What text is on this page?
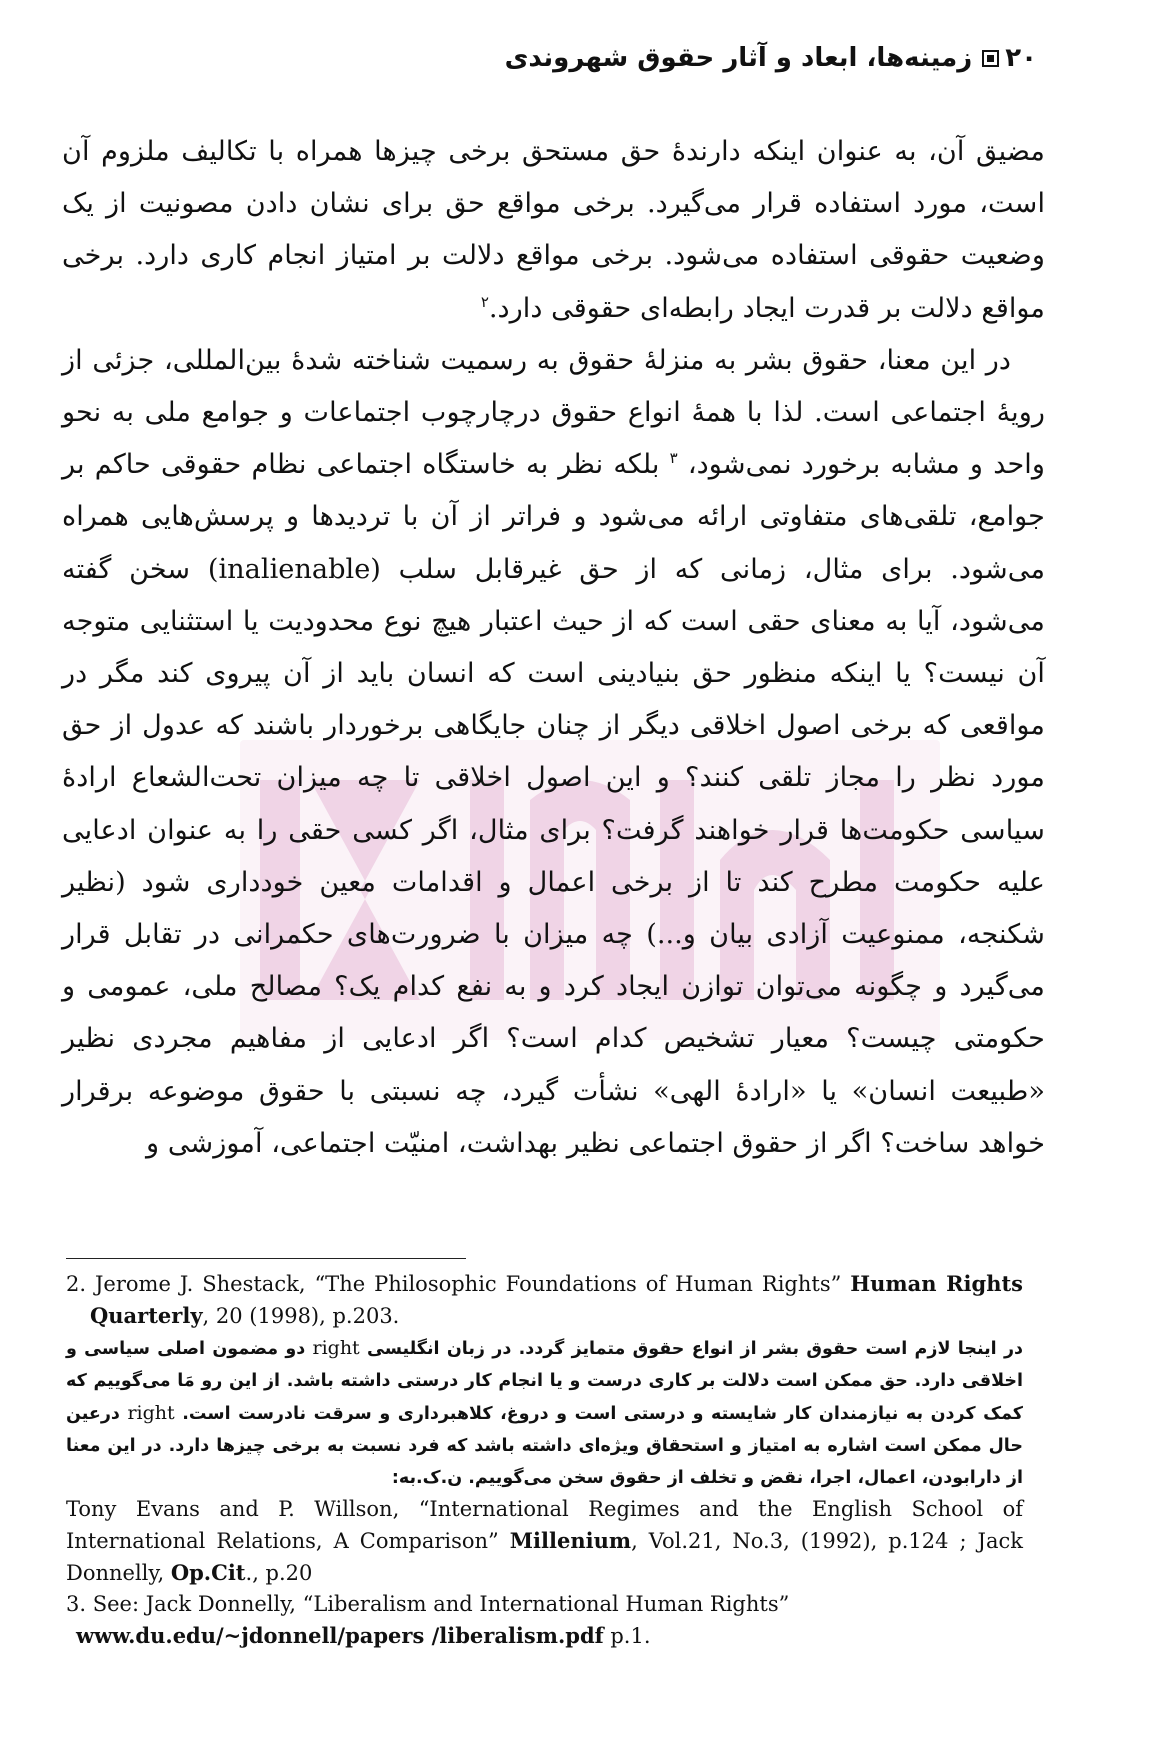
۲۰زمینه‌ها، ابعاد و آثار حقوق شهروندی

مضیق آن، به عنوان اینکه دارندهٔ حق مستحق برخی چیزها همراه با تکالیف ملزوم آن است، مورد استفاده قرار می‌گیرد. برخی مواقع حق برای نشان دادن مصونیت از یک وضعیت حقوقی استفاده می‌شود. برخی مواقع دلالت بر امتیاز انجام کاری دارد. برخی مواقع دلالت بر قدرت ایجاد رابطه‌ای حقوقی دارد.$^۲$

در این معنا، حقوق بشر به منزلهٔ حقوق به رسمیت شناخته شدهٔ بین‌المللی، جزئی از رویهٔ اجتماعی است. لذا با همهٔ انواع حقوق درچارچوب اجتماعات و جوامع ملی به نحو واحد و مشابه برخورد نمی‌شود، $^۳$ بلکه نظر به خاستگاه اجتماعی نظام حقوقی حاکم بر جوامع، تلقی‌های متفاوتی ارائه می‌شود و فراتر از آن با تردیدها و پرسش‌هایی همراه می‌شود. برای مثال، زمانی که از حق غیرقابل سلب (inalienable) سخن گفته می‌شود، آیا به معنای حقی است که از حیث اعتبار هیچ نوع محدودیت یا استثنایی متوجه آن نیست؟ یا اینکه منظور حق بنیادینی است که انسان باید از آن پیروی کند مگر در مواقعی که برخی اصول اخلاقی دیگر از چنان جایگاهی برخوردار باشند که عدول از حق مورد نظر را مجاز تلقی کنند؟ و این اصول اخلاقی تا چه میزان تحت‌الشعاع ارادهٔ سیاسی حکومت‌ها قرار خواهند گرفت؟ برای مثال، اگر کسی حقی را به عنوان ادعایی علیه حکومت مطرح کند تا از برخی اعمال و اقدامات معین خودداری شود (نظیر شکنجه، ممنوعیت آزادی بیان و...) چه میزان با ضرورت‌های حکمرانی در تقابل قرار می‌گیرد و چگونه می‌توان توازن ایجاد کرد و به نفع کدام یک؟ مصالح ملی، عمومی و حکومتی چیست؟ معیار تشخیص کدام است؟ اگر ادعایی از مفاهیم مجردی نظیر «طبیعت انسان» یا «ارادهٔ الهی» نشأت گیرد، چه نسبتی با حقوق موضوعه برقرار خواهد ساخت؟ اگر از حقوق اجتماعی نظیر بهداشت، امنیّت اجتماعی، آموزشی و

2. Jerome J. Shestack, “The Philosophic Foundations of Human Rights” Human Rights Quarterly, 20 (1998), p.203.

در اینجا لازم است حقوق بشر از انواع حقوق متمایز گردد. در زبان انگلیسی right دو مضمون اصلی سیاسی و اخلاقی دارد. حق ممکن است دلالت بر کاری درست و یا انجام کار درستی داشته باشد. از این رو مَا می‌گوییم که کمک کردن به نیازمندان کار شایسته و درستی است و دروغ، کلاهبرداری و سرقت نادرست است. right درعین حال ممکن است اشاره به امتیاز و استحقاق ویژه‌ای داشته باشد که فرد نسبت به برخی چیزها دارد. در این معنا از دارابودن، اعمال، اجرا، نقض و تخلف از حقوق سخن می‌گوییم. ن.ک.به:

Tony Evans and P. Willson, “International Regimes and the English School of International Relations, A Comparison” Millenium, Vol.21, No.3, (1992), p.124 ; Jack Donnelly, Op.Cit., p.20

3. See: Jack Donnelly, “Liberalism and International Human Rights”

www.du.edu/~jdonnell/papers /liberalism.pdf p.1.
